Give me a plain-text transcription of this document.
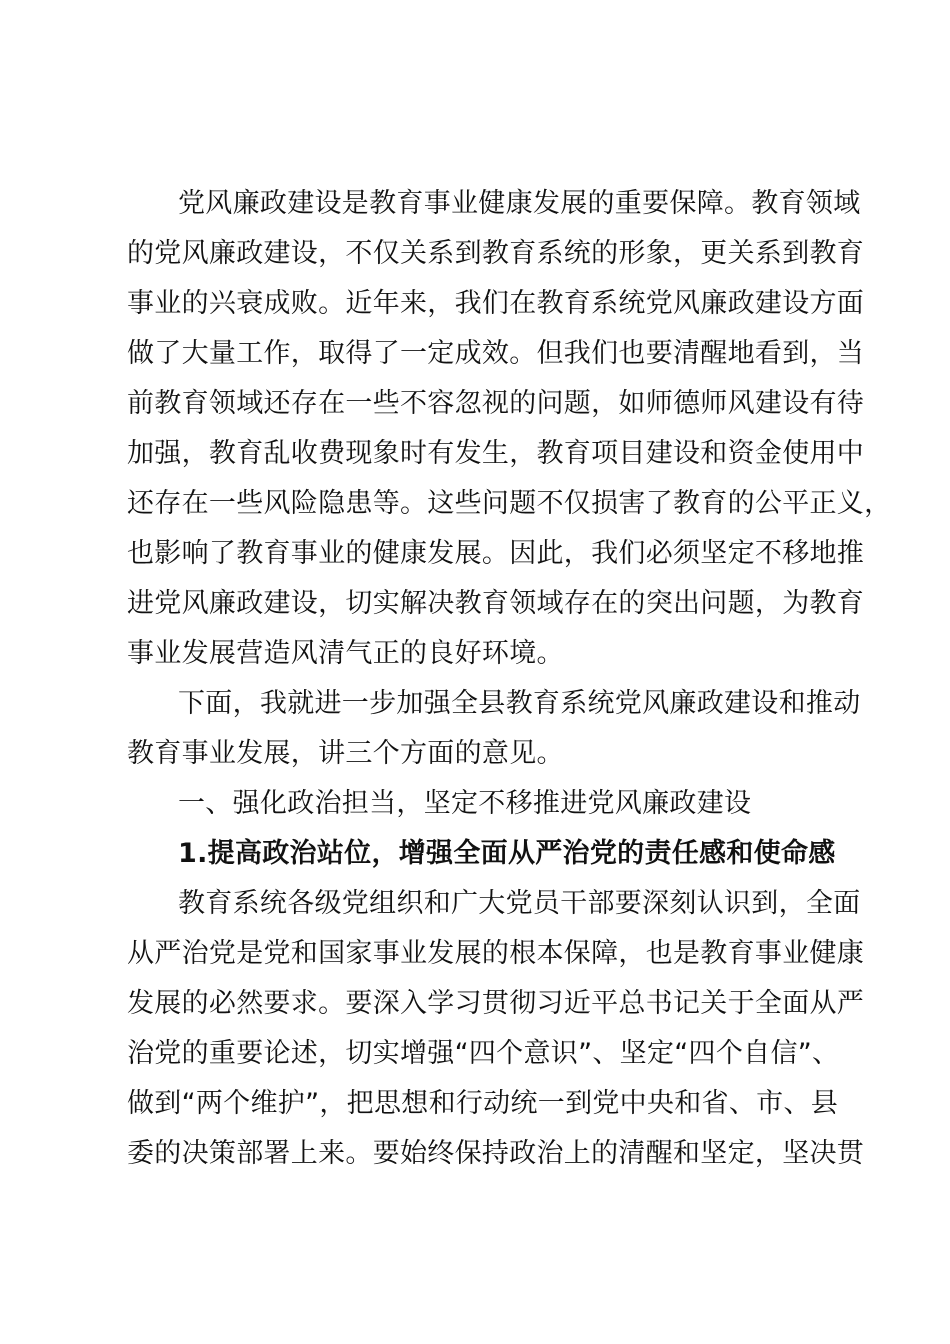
党风廉政建设是教育事业健康发展的重要保障。教育领域
的党风廉政建设，不仅关系到教育系统的形象，更关系到教育
事业的兴衰成败。近年来，我们在教育系统党风廉政建设方面
做了大量工作，取得了一定成效。但我们也要清醒地看到，当
前教育领域还存在一些不容忽视的问题，如师德师风建设有待
加强，教育乱收费现象时有发生，教育项目建设和资金使用中
还存在一些风险隐患等。这些问题不仅损害了教育的公平正义，
也影响了教育事业的健康发展。因此，我们必须坚定不移地推
进党风廉政建设，切实解决教育领域存在的突出问题，为教育
事业发展营造风清气正的良好环境。
下面，我就进一步加强全县教育系统党风廉政建设和推动
教育事业发展，讲三个方面的意见。
一、强化政治担当，坚定不移推进党风廉政建设
1.提高政治站位，增强全面从严治党的责任感和使命感
教育系统各级党组织和广大党员干部要深刻认识到，全面
从严治党是党和国家事业发展的根本保障，也是教育事业健康
发展的必然要求。要深入学习贯彻习近平总书记关于全面从严
治党的重要论述，切实增强“四个意识”、坚定“四个自信”、
做到“两个维护”，把思想和行动统一到党中央和省、市、县
委的决策部署上来。要始终保持政治上的清醒和坚定，坚决贯
